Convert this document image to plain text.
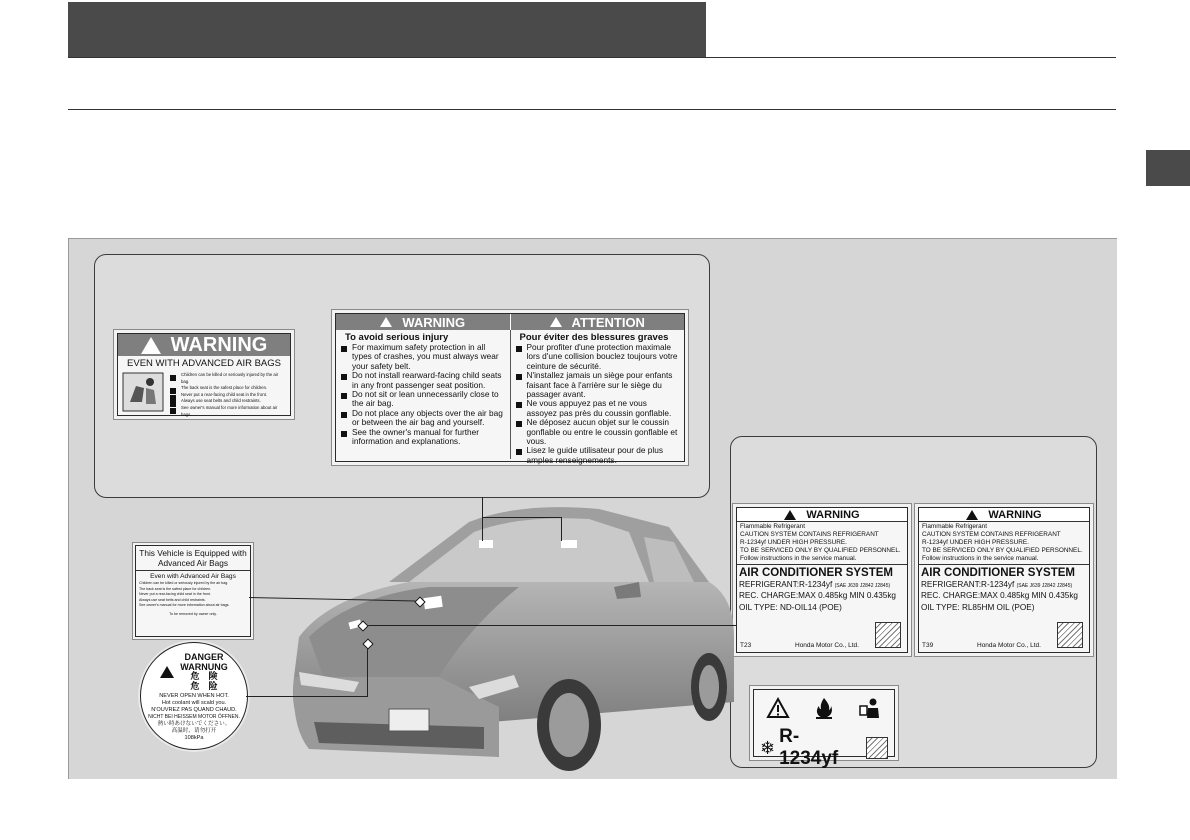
WARNING
EVEN WITH ADVANCED AIR BAGS
Children can be killed or seriously injured by the air bag.
The back seat is the safest place for children.
Never put a rear-facing child seat in the front.
Always use seat belts and child restraints.
See owner's manual for more information about air bags.
WARNING	ATTENTION
To avoid serious injury
For maximum safety protection in all types of crashes, you must always wear your safety belt.
Do not install rearward-facing child seats in any front passenger seat position.
Do not sit or lean unnecessarily close to the air bag.
Do not place any objects over the air bag or between the air bag and yourself.
See the owner's manual for further information and explanations.
Pour éviter des blessures graves
Pour profiter d'une protection maximale lors d'une collision bouclez toujours votre ceinture de sécurité.
N'installez jamais un siège pour enfants faisant face à l'arrière sur le siège du passager avant.
Ne vous appuyez pas et ne vous assoyez pas près du coussin gonflable.
Ne déposez aucun objet sur le coussin gonflable ou entre le coussin gonflable et vous.
Lisez le guide utilisateur pour de plus amples renseignements.
WARNING
Flammable Refrigerant
CAUTION SYSTEM CONTAINS REFRIGERANT
R-1234yf UNDER HIGH PRESSURE.
TO BE SERVICED ONLY BY QUALIFIED PERSONNEL.
Follow instructions in the service manual.
AIR CONDITIONER SYSTEM
REFRIGERANT:R-1234yf (SAE J639 J2842 J2845)
REC. CHARGE:MAX 0.485kg MIN 0.435kg
OIL TYPE: ND-OIL14 (POE)
T23	Honda Motor Co., Ltd.
WARNING
Flammable Refrigerant
CAUTION SYSTEM CONTAINS REFRIGERANT
R-1234yf UNDER HIGH PRESSURE.
TO BE SERVICED ONLY BY QUALIFIED PERSONNEL.
Follow instructions in the service manual.
AIR CONDITIONER SYSTEM
REFRIGERANT:R-1234yf (SAE J639 J2842 J2845)
REC. CHARGE:MAX 0.485kg MIN 0.435kg
OIL TYPE: RL85HM OIL (POE)
T39	Honda Motor Co., Ltd.
❄
R-1234yf
This Vehicle is Equipped with
Advanced Air Bags
Even with Advanced Air Bags
Children can be killed or seriously injured by the air bag.
The back seat is the safest place for children.
Never put a rear-facing child seat in the front.
Always use seat belts and child restraints.
See owner's manual for more information about air bags.
To be removed by owner only.
DANGER
WARNUNG
危　険
危　险
NEVER OPEN WHEN HOT.
Hot coolant will scald you.
N'OUVREZ PAS QUAND CHAUD.
NICHT BEI HEISSEM MOTOR ÖFFNEN.
熱い時あけないでください。
高温时，请勿打开
108kPa
